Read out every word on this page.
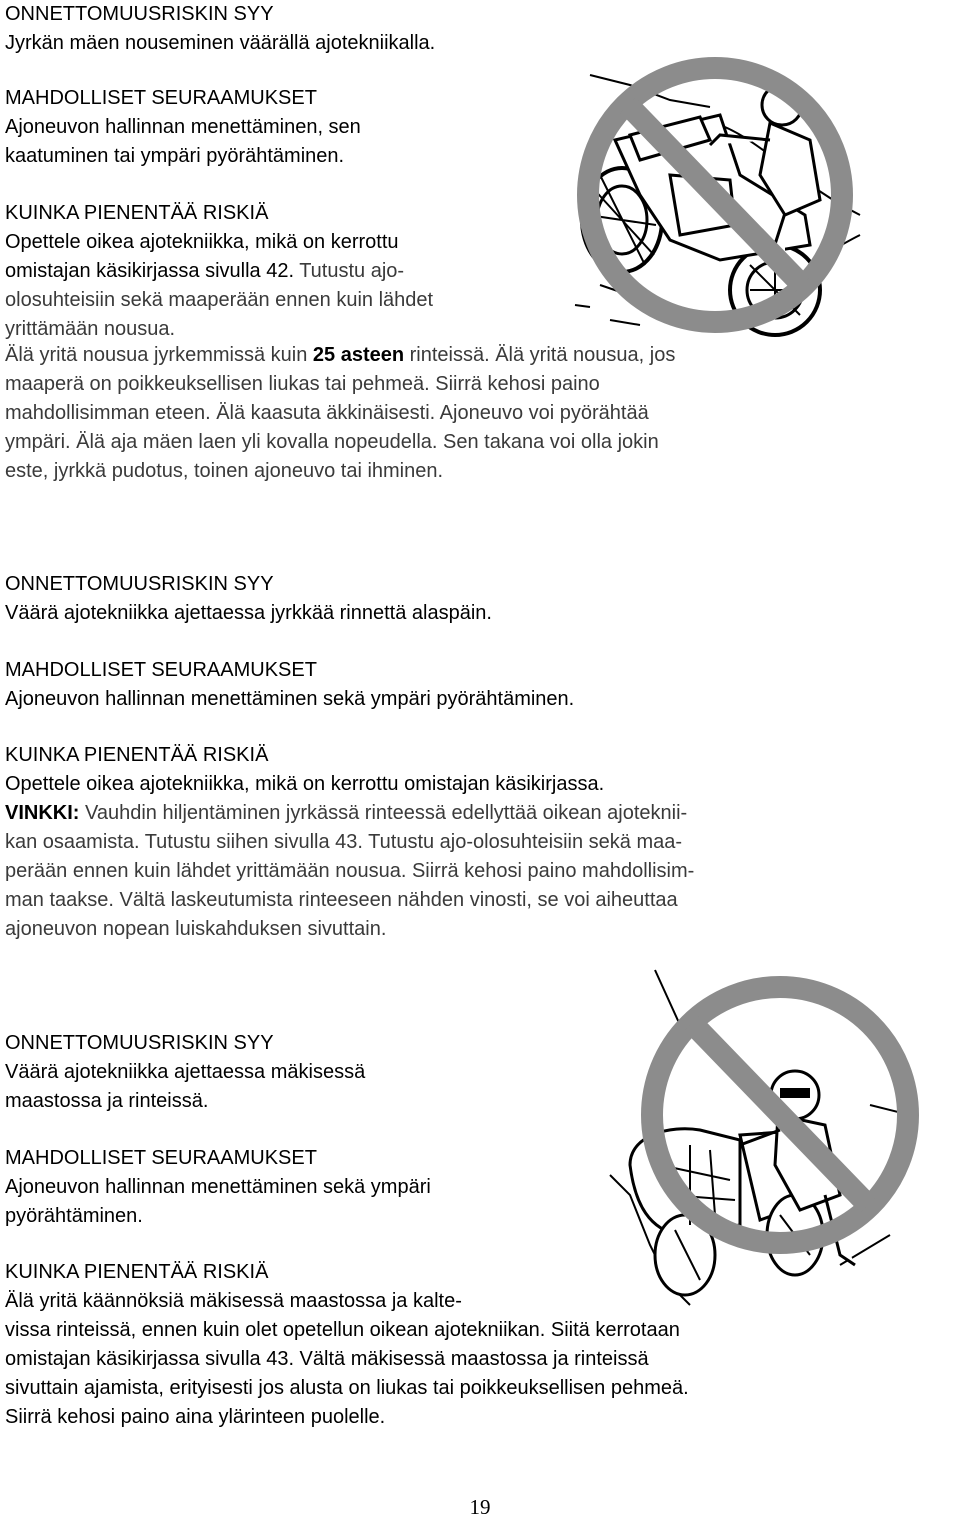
ONNETTOMUUSRISKIN SYY

Jyrkän mäen nouseminen väärällä ajotekniikalla.

MAHDOLLISET SEURAAMUKSET

Ajoneuvon hallinnan menettäminen, sen

kaatuminen tai ympäri pyörähtäminen.

KUINKA PIENENTÄÄ RISKIÄ

Opettele oikea ajotekniikka, mikä on kerrottu

omistajan käsikirjassa sivulla 42. Tutustu ajo-

olosuhteisiin sekä maaperään ennen kuin lähdet

yrittämään nousua.

Älä yritä nousua jyrkemmissä kuin 25 asteen rinteissä. Älä yritä nousua, jos

maaperä on poikkeuksellisen liukas tai pehmeä. Siirrä kehosi paino

mahdollisimman eteen. Älä kaasuta äkkinäisesti. Ajoneuvo voi pyörähtää

ympäri. Älä aja mäen laen yli kovalla nopeudella. Sen takana voi olla jokin

este, jyrkkä pudotus, toinen ajoneuvo tai ihminen.

ONNETTOMUUSRISKIN SYY

Väärä ajotekniikka ajettaessa jyrkkää rinnettä alaspäin.

MAHDOLLISET SEURAAMUKSET

Ajoneuvon hallinnan menettäminen sekä ympäri pyörähtäminen.

KUINKA PIENENTÄÄ RISKIÄ

Opettele oikea ajotekniikka, mikä on kerrottu omistajan käsikirjassa.

VINKKI: Vauhdin hiljentäminen jyrkässä rinteessä edellyttää oikean ajoteknii-

kan osaamista. Tutustu siihen sivulla 43. Tutustu ajo-olosuhteisiin sekä maa-

perään ennen kuin lähdet yrittämään nousua. Siirrä kehosi paino mahdollisim-

man taakse. Vältä laskeutumista rinteeseen nähden vinosti, se voi aiheuttaa

ajoneuvon nopean luiskahduksen sivuttain.

ONNETTOMUUSRISKIN SYY

Väärä ajotekniikka ajettaessa mäkisessä

maastossa ja rinteissä.

MAHDOLLISET SEURAAMUKSET

Ajoneuvon hallinnan menettäminen sekä ympäri

pyörähtäminen.

KUINKA PIENENTÄÄ RISKIÄ

Älä yritä käännöksiä mäkisessä maastossa ja kalte-

vissa rinteissä, ennen kuin olet opetellun oikean ajotekniikan. Siitä kerrotaan

omistajan käsikirjassa sivulla 43. Vältä mäkisessä maastossa ja rinteissä

sivuttain ajamista, erityisesti jos alusta on liukas tai poikkeuksellisen pehmeä.

Siirrä kehosi paino aina ylärinteen puolelle.

19
